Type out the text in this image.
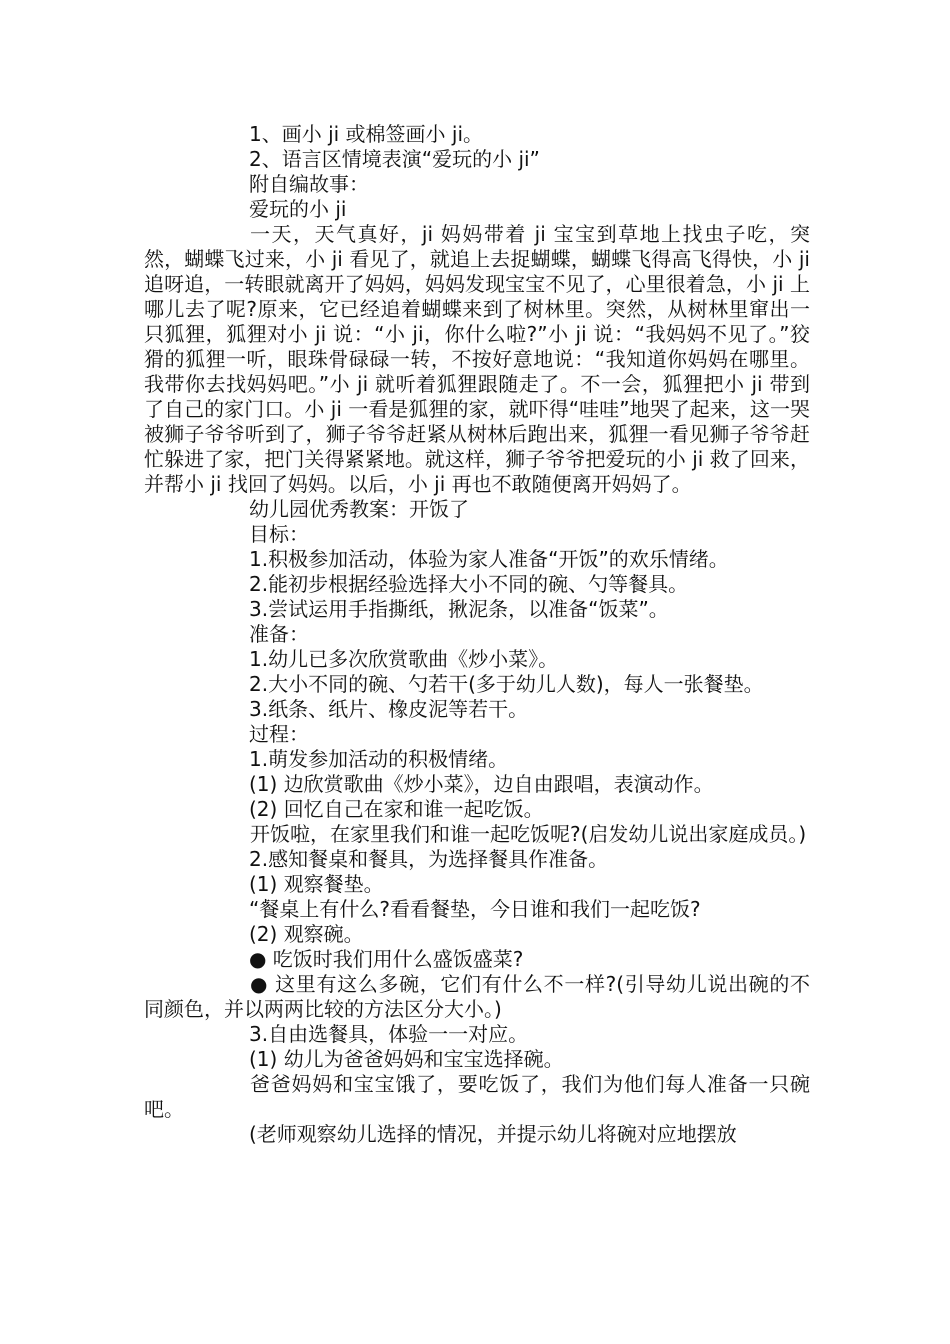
1、画小 ji 或棉签画小 ji。
2、语言区情境表演“爱玩的小 ji”
附自编故事：
爱玩的小 ji
一天，天气真好，ji 妈妈带着 ji 宝宝到草地上找虫子吃，突然，蝴蝶飞过来，小 ji 看见了，就追上去捉蝴蝶，蝴蝶飞得高飞得快，小 ji 追呀追，一转眼就离开了妈妈，妈妈发现宝宝不见了，心里很着急，小 ji 上哪儿去了呢?原来，它已经追着蝴蝶来到了树林里。突然，从树林里窜出一只狐狸，狐狸对小 ji 说：“小 ji，你什么啦?”小 ji 说：“我妈妈不见了。”狡猾的狐狸一听，眼珠骨碌碌一转，不按好意地说：“我知道你妈妈在哪里。我带你去找妈妈吧。”小 ji 就听着狐狸跟随走了。不一会，狐狸把小 ji 带到了自己的家门口。小 ji 一看是狐狸的家，就吓得“哇哇”地哭了起来，这一哭被狮子爷爷听到了，狮子爷爷赶紧从树林后跑出来，狐狸一看见狮子爷爷赶忙躲进了家，把门关得紧紧地。就这样，狮子爷爷把爱玩的小 ji 救了回来，并帮小 ji 找回了妈妈。以后，小 ji 再也不敢随便离开妈妈了。
幼儿园优秀教案：开饭了
目标：
1.积极参加活动，体验为家人准备“开饭”的欢乐情绪。
2.能初步根据经验选择大小不同的碗、勺等餐具。
3.尝试运用手指撕纸，揪泥条，以准备“饭菜”。
准备：
1.幼儿已多次欣赏歌曲《炒小菜》。
2.大小不同的碗、勺若干(多于幼儿人数)，每人一张餐垫。
3.纸条、纸片、橡皮泥等若干。
过程：
1.萌发参加活动的积极情绪。
(1) 边欣赏歌曲《炒小菜》，边自由跟唱，表演动作。
(2) 回忆自己在家和谁一起吃饭。
开饭啦，在家里我们和谁一起吃饭呢?(启发幼儿说出家庭成员。)
2.感知餐桌和餐具，为选择餐具作准备。
(1) 观察餐垫。
“餐桌上有什么?看看餐垫，今日谁和我们一起吃饭?
(2) 观察碗。
● 吃饭时我们用什么盛饭盛菜?
● 这里有这么多碗，它们有什么不一样?(引导幼儿说出碗的不同颜色，并以两两比较的方法区分大小。)
3.自由选餐具，体验一一对应。
(1) 幼儿为爸爸妈妈和宝宝选择碗。
爸爸妈妈和宝宝饿了，要吃饭了，我们为他们每人准备一只碗吧。
(老师观察幼儿选择的情况，并提示幼儿将碗对应地摆放
